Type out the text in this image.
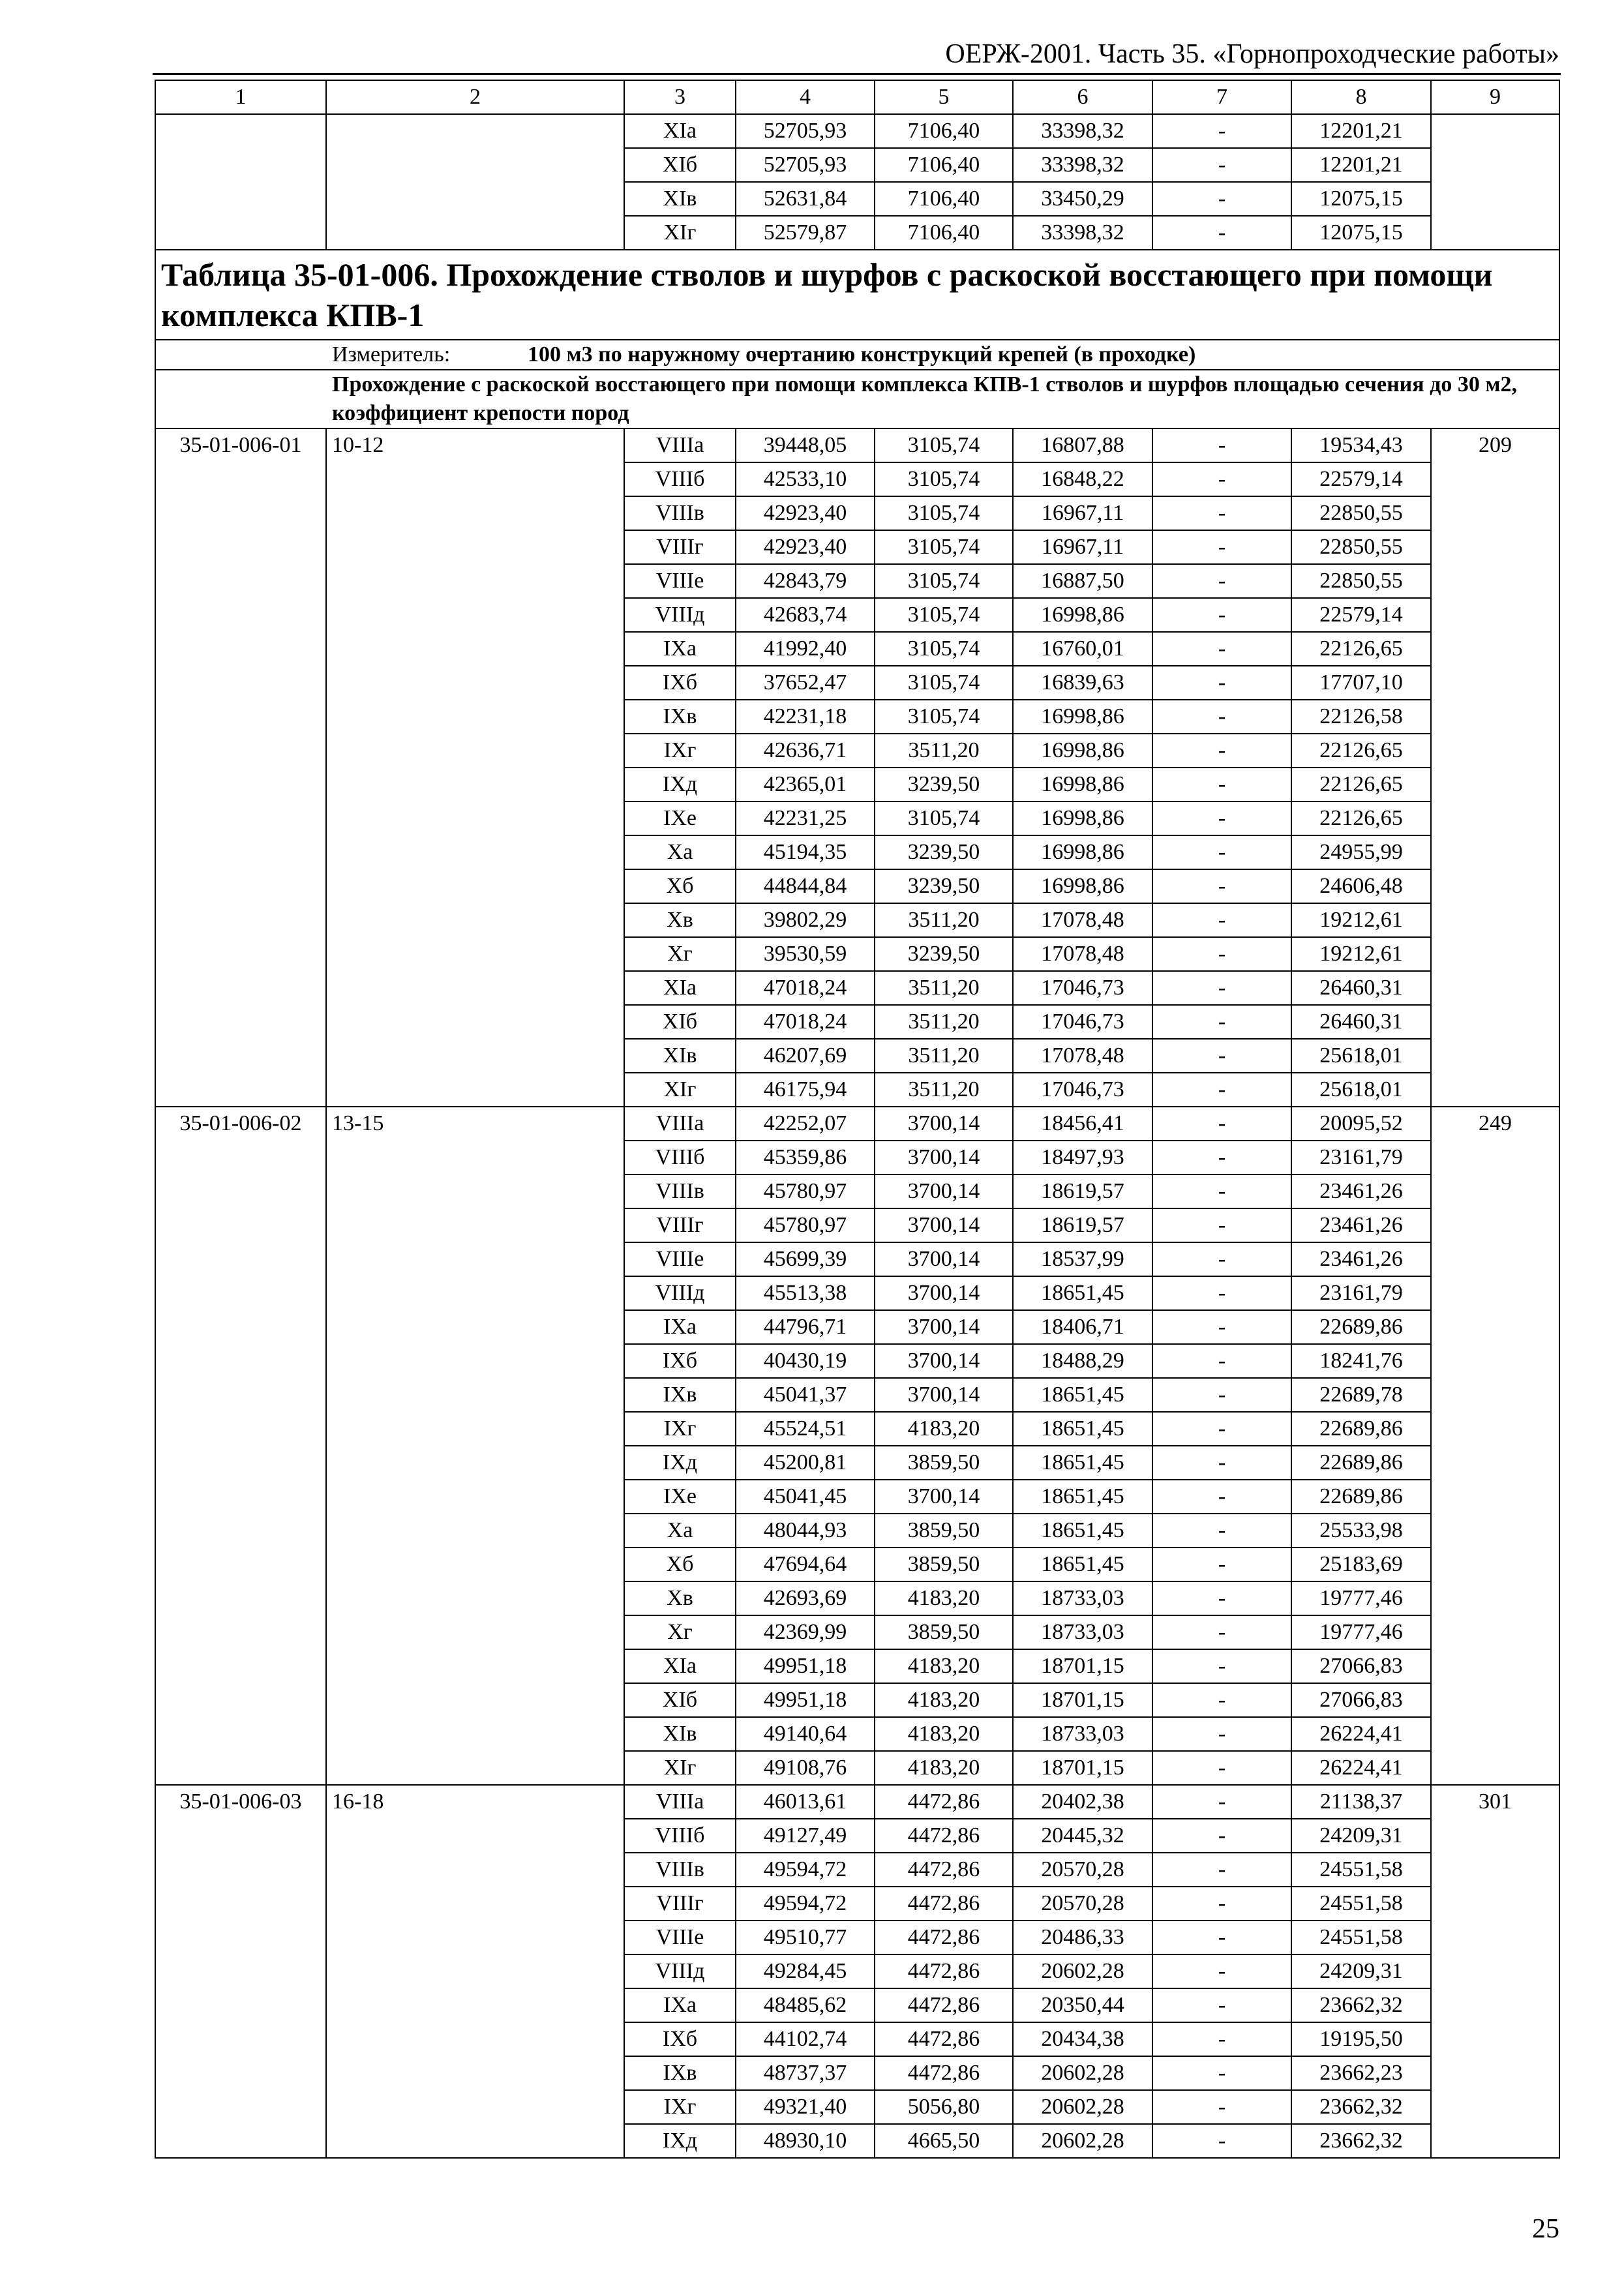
ОЕРЖ-2001. Часть 35. «Горнопроходческие работы»
1	2	3	4	5	6	7	8	9
		XIа	52705,93	7106,40	33398,32	-	12201,21	
		XIб	52705,93	7106,40	33398,32	-	12201,21	
		XIв	52631,84	7106,40	33450,29	-	12075,15	
		XIг	52579,87	7106,40	33398,32	-	12075,15	
Таблица 35-01-006. Прохождение стволов и шурфов с раскоской восстающего при помощи комплекса КПВ-1								
Измеритель: 100 м3 по наружному очертанию конструкций крепей (в проходке)								
Прохождение с раскоской восстающего при помощи комплекса КПВ-1 стволов и шурфов площадью сечения до 30 м2, коэффициент крепости пород								
35-01-006-01	10-12	VIIIа	39448,05	3105,74	16807,88	-	19534,43	209
		VIIIб	42533,10	3105,74	16848,22	-	22579,14	
		VIIIв	42923,40	3105,74	16967,11	-	22850,55	
		VIIIг	42923,40	3105,74	16967,11	-	22850,55	
		VIIIе	42843,79	3105,74	16887,50	-	22850,55	
		VIIIд	42683,74	3105,74	16998,86	-	22579,14	
		IXа	41992,40	3105,74	16760,01	-	22126,65	
		IXб	37652,47	3105,74	16839,63	-	17707,10	
		IXв	42231,18	3105,74	16998,86	-	22126,58	
		IXг	42636,71	3511,20	16998,86	-	22126,65	
		IXд	42365,01	3239,50	16998,86	-	22126,65	
		IXе	42231,25	3105,74	16998,86	-	22126,65	
		Xа	45194,35	3239,50	16998,86	-	24955,99	
		Xб	44844,84	3239,50	16998,86	-	24606,48	
		Xв	39802,29	3511,20	17078,48	-	19212,61	
		Xг	39530,59	3239,50	17078,48	-	19212,61	
		XIа	47018,24	3511,20	17046,73	-	26460,31	
		XIб	47018,24	3511,20	17046,73	-	26460,31	
		XIв	46207,69	3511,20	17078,48	-	25618,01	
		XIг	46175,94	3511,20	17046,73	-	25618,01	
35-01-006-02	13-15	VIIIа	42252,07	3700,14	18456,41	-	20095,52	249
		VIIIб	45359,86	3700,14	18497,93	-	23161,79	
		VIIIв	45780,97	3700,14	18619,57	-	23461,26	
		VIIIг	45780,97	3700,14	18619,57	-	23461,26	
		VIIIе	45699,39	3700,14	18537,99	-	23461,26	
		VIIIд	45513,38	3700,14	18651,45	-	23161,79	
		IXа	44796,71	3700,14	18406,71	-	22689,86	
		IXб	40430,19	3700,14	18488,29	-	18241,76	
		IXв	45041,37	3700,14	18651,45	-	22689,78	
		IXг	45524,51	4183,20	18651,45	-	22689,86	
		IXд	45200,81	3859,50	18651,45	-	22689,86	
		IXе	45041,45	3700,14	18651,45	-	22689,86	
		Xа	48044,93	3859,50	18651,45	-	25533,98	
		Xб	47694,64	3859,50	18651,45	-	25183,69	
		Xв	42693,69	4183,20	18733,03	-	19777,46	
		Xг	42369,99	3859,50	18733,03	-	19777,46	
		XIа	49951,18	4183,20	18701,15	-	27066,83	
		XIб	49951,18	4183,20	18701,15	-	27066,83	
		XIв	49140,64	4183,20	18733,03	-	26224,41	
		XIг	49108,76	4183,20	18701,15	-	26224,41	
35-01-006-03	16-18	VIIIа	46013,61	4472,86	20402,38	-	21138,37	301
		VIIIб	49127,49	4472,86	20445,32	-	24209,31	
		VIIIв	49594,72	4472,86	20570,28	-	24551,58	
		VIIIг	49594,72	4472,86	20570,28	-	24551,58	
		VIIIе	49510,77	4472,86	20486,33	-	24551,58	
		VIIIд	49284,45	4472,86	20602,28	-	24209,31	
		IXа	48485,62	4472,86	20350,44	-	23662,32	
		IXб	44102,74	4472,86	20434,38	-	19195,50	
		IXв	48737,37	4472,86	20602,28	-	23662,23	
		IXг	49321,40	5056,80	20602,28	-	23662,32	
		IXд	48930,10	4665,50	20602,28	-	23662,32	
25
